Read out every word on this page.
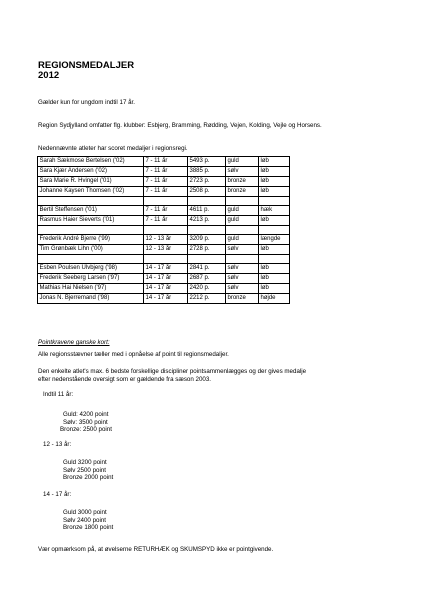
REGIONSMEDALJER
2012
Gælder kun for ungdom indtil 17 år.
Region Sydjylland omfatter flg. klubber: Esbjerg, Bramming, Rødding, Vejen, Kolding, Vejle og Horsens.
Nedennævnte atleter har scoret medaljer i regionsregi.
Sarah Sækmose Bertelsen ('02)	7 - 11 år	5493 p.	guld	løb
Sara Kjær Andersen ('02)	7 - 11 år	3885 p.	sølv	løb
Sara Marie R. Hvingel ('01)	7 - 11 år	2723 p.	bronze	løb
Johanne Kaysen Thomsen ('02)	7 - 11 år	2508 p.	bronze	løb

Bertil Steffensen ('01)	7 - 11 år	4611 p.	guld	hæk
Rasmus Haier Sieverts ('01)	7 - 11 år	4213 p.	guld	løb

Frederik André Bjerre ('99)	12 - 13 år	3209 p.	guld	længde
Tim Grønbæk Lihn ('00)	12 - 13 år	2728 p.	sølv	løb

Esben Poulsen Ulvbjerg ('98)	14 - 17 år	2841 p.	sølv	løb
Frederik Seeberg Larsen ('97)	14 - 17 år	2687 p.	sølv	løb
Mathias Hai Nielsen ('97)	14 - 17 år	2420 p.	sølv	løb
Jonas N. Bjerremand ('98)	14 - 17 år	2212 p.	bronze	højde
Pointkravene ganske kort:
Alle regionsstævner tæller med i opnåelse af point til regionsmedaljer.
Den enkelte atlet's max. 6 bedste forskellige discipliner pointsammenlægges og der gives medalje
efter nedenstående oversigt som er gældende fra sæson 2003.
Indtil 11 år:
Guld: 4200 point
Sølv: 3500 point
Bronze: 2500 point
12 - 13 år:
Guld 3200 point
Sølv 2500 point
Bronze 2000 point
14 - 17 år:
Guld 3000 point
Sølv 2400 point
Bronze 1800 point
Vær opmærksom på, at øvelserne RETURHÆK og SKUMSPYD ikke er pointgivende.
